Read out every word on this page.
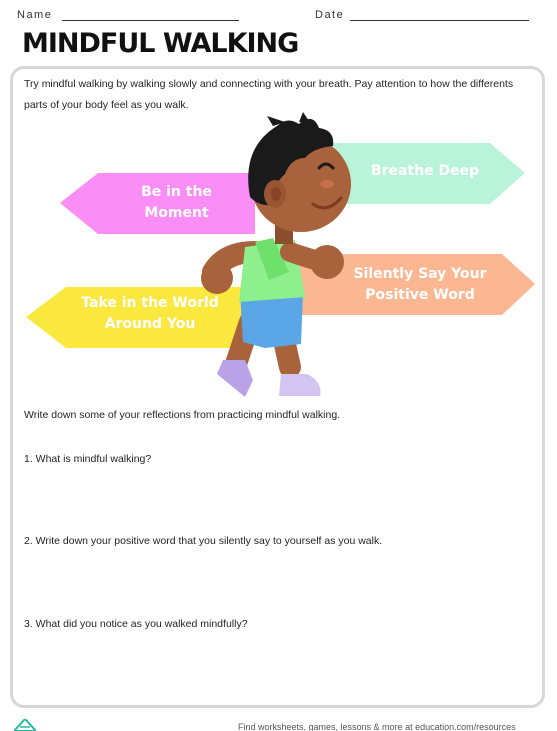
Name	Date
MINDFUL WALKING

Try mindful walking by walking slowly and connecting with your breath. Pay attention to how the differents parts of your body feel as you walk.

Breathe Deep
Be in the Moment
Silently Say Your Positive Word
Take in the World Around You

Write down some of your reflections from practicing mindful walking.

1. What is mindful walking?

2. Write down your positive word that you silently say to yourself as you walk.

3. What did you notice as you walked mindfully?

Find worksheets, games, lessons & more at education.com/resources
